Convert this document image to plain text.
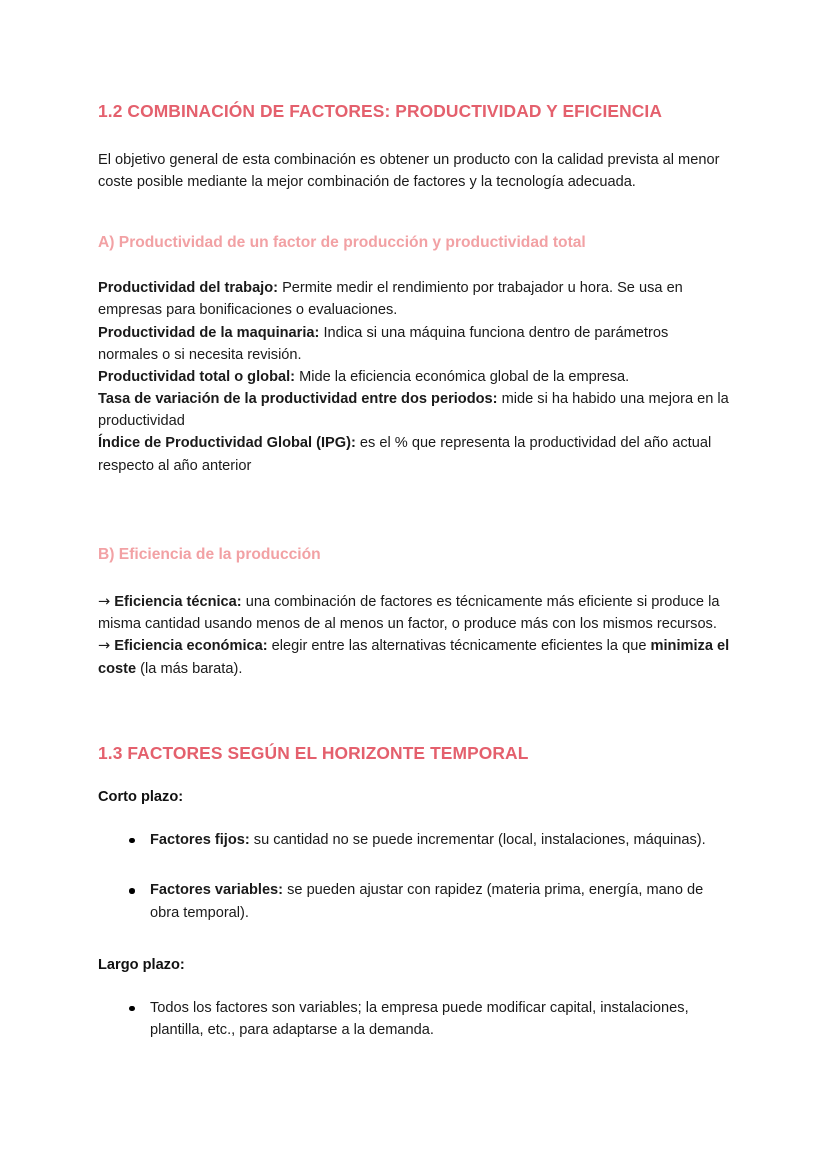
1.2 COMBINACIÓN DE FACTORES: PRODUCTIVIDAD Y EFICIENCIA

El objetivo general de esta combinación es obtener un producto con la calidad prevista al menor coste posible mediante la mejor combinación de factores y la tecnología adecuada.

A) Productividad de un factor de producción y productividad total
Productividad del trabajo: Permite medir el rendimiento por trabajador u hora. Se usa en empresas para bonificaciones o evaluaciones.
Productividad de la maquinaria: Indica si una máquina funciona dentro de parámetros normales o si necesita revisión.
Productividad total o global: Mide la eficiencia económica global de la empresa.
Tasa de variación de la productividad entre dos periodos: mide si ha habido una mejora en la productividad
Índice de Productividad Global (IPG): es el % que representa la productividad del año actual respecto al año anterior
B) Eficiencia de la producción
→ Eficiencia técnica: una combinación de factores es técnicamente más eficiente si produce la misma cantidad usando menos de al menos un factor, o produce más con los mismos recursos.
→ Eficiencia económica: elegir entre las alternativas técnicamente eficientes la que minimiza el coste (la más barata).
1.3 FACTORES SEGÚN EL HORIZONTE TEMPORAL

Corto plazo:

Factores fijos: su cantidad no se puede incrementar (local, instalaciones, máquinas).
Factores variables: se pueden ajustar con rapidez (materia prima, energía, mano de obra temporal).

Largo plazo:

Todos los factores son variables; la empresa puede modificar capital, instalaciones, plantilla, etc., para adaptarse a la demanda.
